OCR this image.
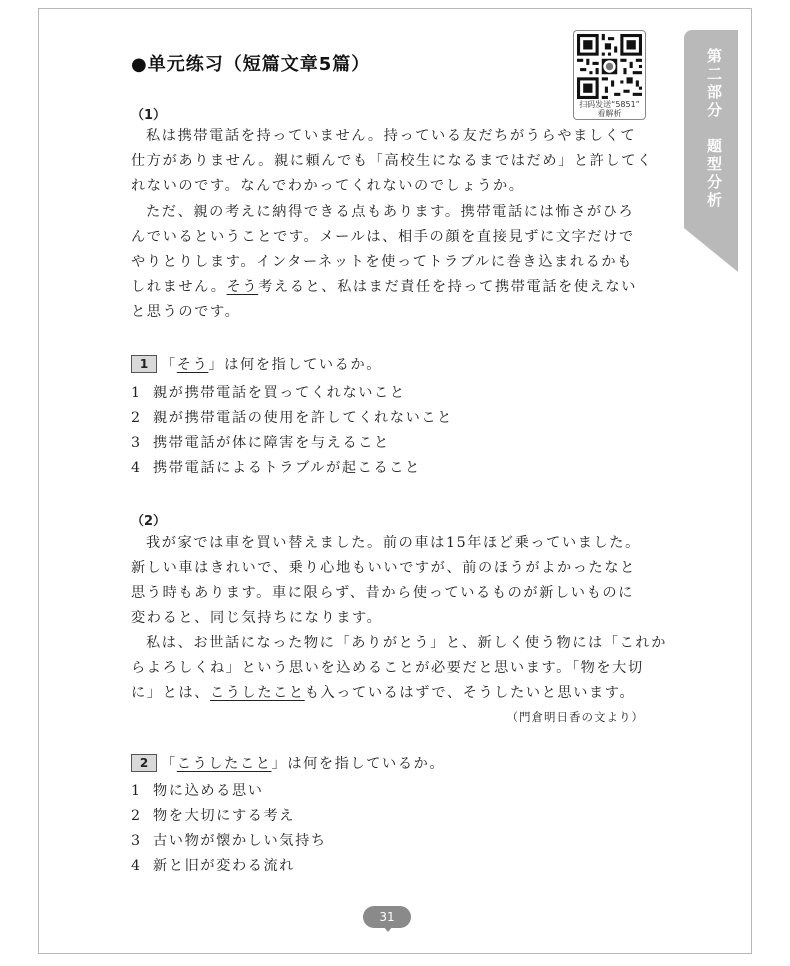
●单元练习（短篇文章5篇）
扫码发送“5851”
看解析	第二部分
题型分析
（1）
私は携帯電話を持っていません。持っている友だちがうらやましくて
仕方がありません。親に頼んでも「高校生になるまではだめ」と許してく
れないのです。なんでわかってくれないのでしょうか。
ただ、親の考えに納得できる点もあります。携帯電話には怖さがひろ
んでいるということです。メールは、相手の顔を直接見ずに文字だけで
やりとりします。インターネットを使ってトラブルに巻き込まれるかも
しれません。そう考えると、私はまだ責任を持って携帯電話を使えない
と思うのです。
1 「そう」は何を指しているか。
1 親が携帯電話を買ってくれないこと
2 親が携帯電話の使用を許してくれないこと
3 携帯電話が体に障害を与えること
4 携帯電話によるトラブルが起こること
（2）
我が家では車を買い替えました。前の車は15年ほど乗っていました。
新しい車はきれいで、乗り心地もいいですが、前のほうがよかったなと
思う時もあります。車に限らず、昔から使っているものが新しいものに
変わると、同じ気持ちになります。
私は、お世話になった物に「ありがとう」と、新しく使う物には「これか
らよろしくね」という思いを込めることが必要だと思います。「物を大切
に」とは、こうしたことも入っているはずで、そうしたいと思います。
（門倉明日香の文より）
2 「こうしたこと」は何を指しているか。
1 物に込める思い
2 物を大切にする考え
3 古い物が懐かしい気持ち
4 新と旧が変わる流れ
31
